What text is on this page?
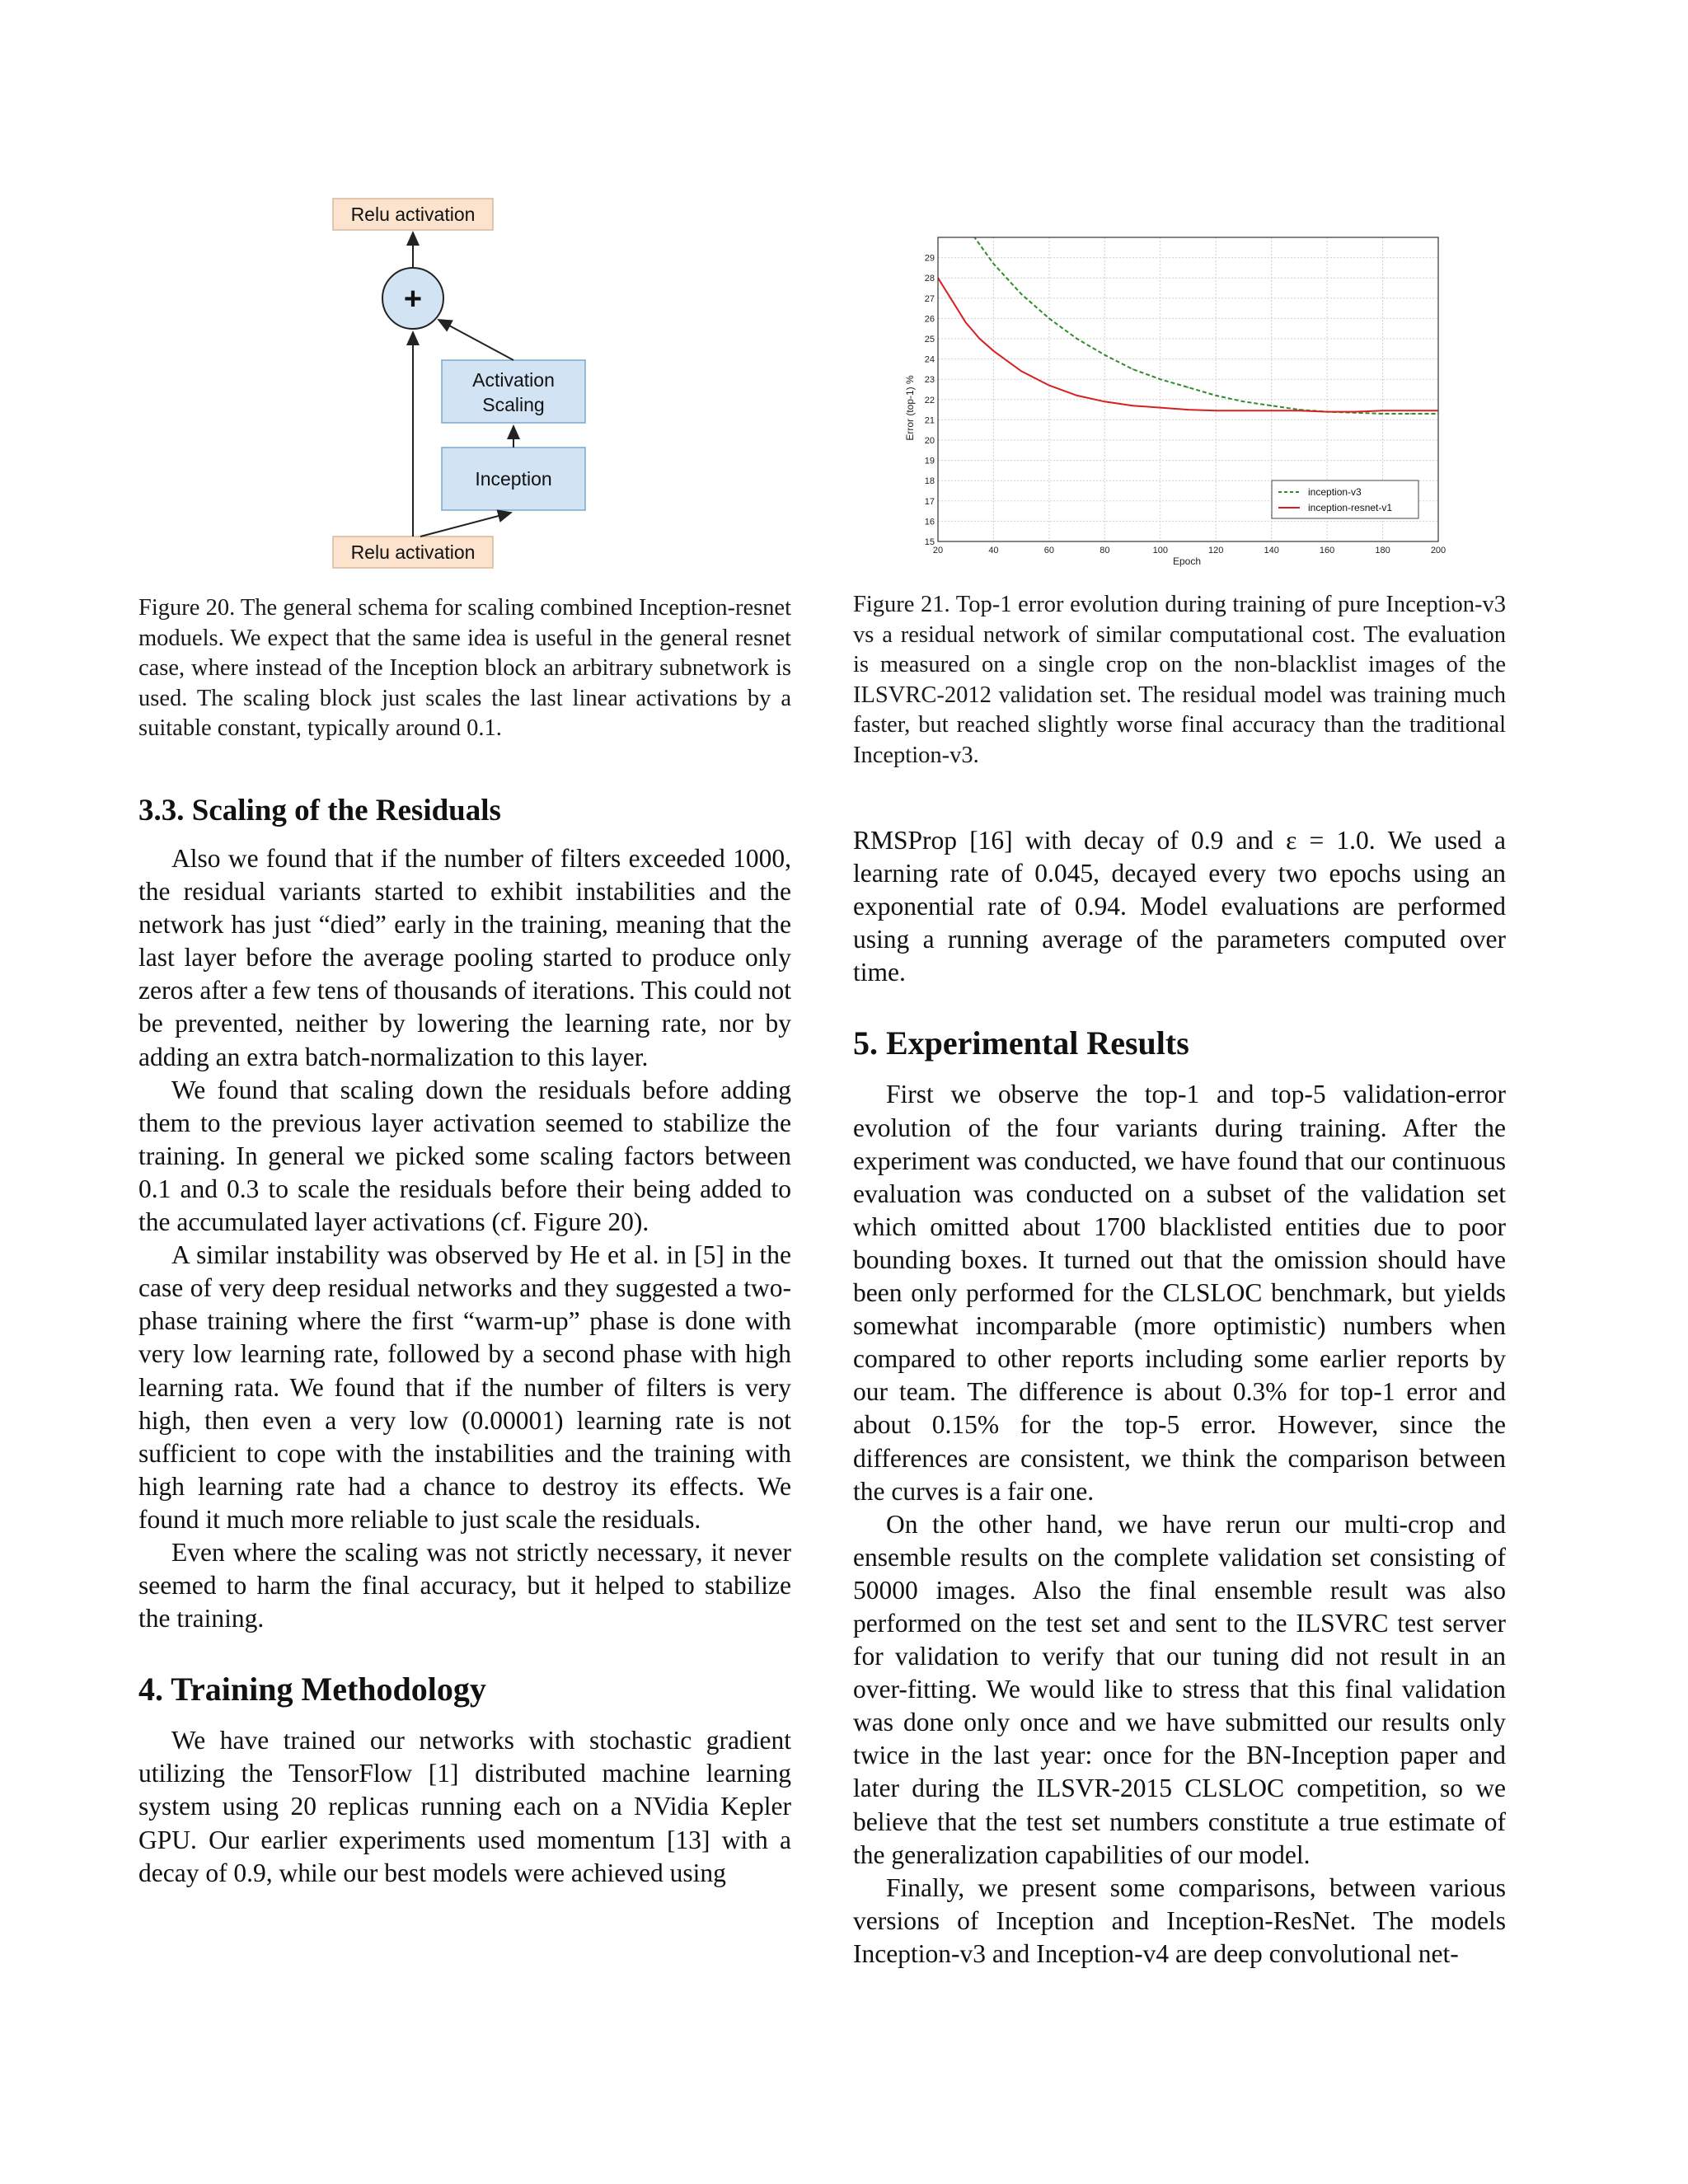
Relu activation
+
Activation
Scaling
Inception
Relu activation	20	40	60	80	100	120	140	160	180	200
15
16
17
18
19
20
21
22
23
24
25
26
27
28
29
Epoch
Error (top-1) %
inception-v3
inception-resnet-v1
Figure 20. The general schema for scaling combined Inception-resnet moduels. We expect that the same idea is useful in the general resnet case, where instead of the Inception block an arbitrary subnetwork is used. The scaling block just scales the last linear activations by a suitable constant, typically around 0.1.
Figure 21. Top-1 error evolution during training of pure Inception-v3 vs a residual network of similar computational cost. The evaluation is measured on a single crop on the non-blacklist images of the ILSVRC-2012 validation set. The residual model was training much faster, but reached slightly worse final accuracy than the traditional Inception-v3.
3.3. Scaling of the Residuals

Also we found that if the number of filters exceeded 1000, the residual variants started to exhibit instabilities and the network has just “died” early in the training, meaning that the last layer before the average pooling started to produce only zeros after a few tens of thousands of iterations. This could not be prevented, neither by lowering the learning rate, nor by adding an extra batch-normalization to this layer.

We found that scaling down the residuals before adding them to the previous layer activation seemed to stabilize the training. In general we picked some scaling factors between 0.1 and 0.3 to scale the residuals before their being added to the accumulated layer activations (cf. Figure 20).

A similar instability was observed by He et al. in [5] in the case of very deep residual networks and they suggested a two-phase training where the first “warm-up” phase is done with very low learning rate, followed by a second phase with high learning rata. We found that if the number of filters is very high, then even a very low (0.00001) learning rate is not sufficient to cope with the instabilities and the training with high learning rate had a chance to destroy its effects. We found it much more reliable to just scale the residuals.

Even where the scaling was not strictly necessary, it never seemed to harm the final accuracy, but it helped to stabilize the training.

4. Training Methodology

We have trained our networks with stochastic gradient utilizing the TensorFlow [1] distributed machine learning system using 20 replicas running each on a NVidia Kepler GPU. Our earlier experiments used momentum [13] with a decay of 0.9, while our best models were achieved using

RMSProp [16] with decay of 0.9 and ε = 1.0. We used a learning rate of 0.045, decayed every two epochs using an exponential rate of 0.94. Model evaluations are performed using a running average of the parameters computed over time.

5. Experimental Results

First we observe the top-1 and top-5 validation-error evolution of the four variants during training. After the experiment was conducted, we have found that our continuous evaluation was conducted on a subset of the validation set which omitted about 1700 blacklisted entities due to poor bounding boxes. It turned out that the omission should have been only performed for the CLSLOC benchmark, but yields somewhat incomparable (more optimistic) numbers when compared to other reports including some earlier reports by our team. The difference is about 0.3% for top-1 error and about 0.15% for the top-5 error. However, since the differences are consistent, we think the comparison between the curves is a fair one.

On the other hand, we have rerun our multi-crop and ensemble results on the complete validation set consisting of 50000 images. Also the final ensemble result was also performed on the test set and sent to the ILSVRC test server for validation to verify that our tuning did not result in an over-fitting. We would like to stress that this final validation was done only once and we have submitted our results only twice in the last year: once for the BN-Inception paper and later during the ILSVR-2015 CLSLOC competition, so we believe that the test set numbers constitute a true estimate of the generalization capabilities of our model.

Finally, we present some comparisons, between various versions of Inception and Inception-ResNet. The models Inception-v3 and Inception-v4 are deep convolutional net-
